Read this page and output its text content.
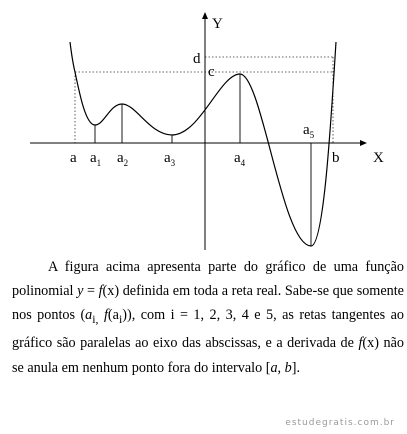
Y
X
d
c
a $a_1$ $a_2$ $a_3$	$a_4$
$a_5$
b

A figura acima apresenta parte do gráfico de uma função polinomial y = f(x) definida em toda a reta real. Sabe-se que somente nos pontos ($a_{i,}$ $f(a_i)$), com i = 1, 2, 3, 4 e 5, as retas tangentes ao gráfico são paralelas ao eixo das abscissas, e a derivada de f(x) não se anula em nenhum ponto fora do intervalo [a, b].

estudegratis.com.br
